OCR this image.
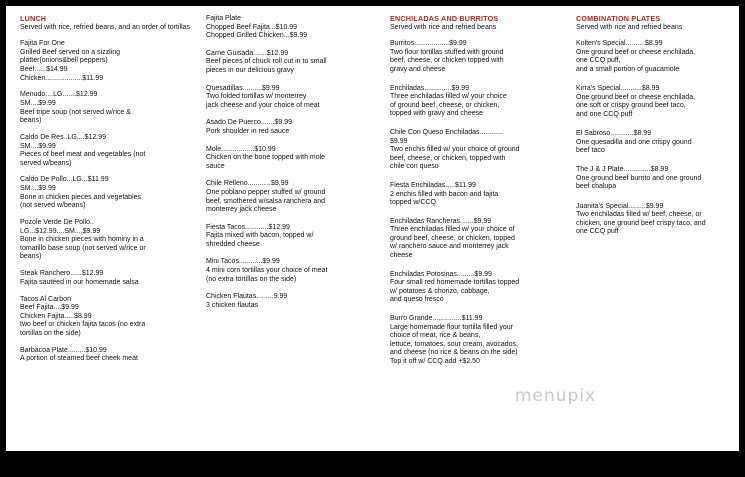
LUNCH
Served with rice, refried beans, and an order of tortillas
Fajita For One
Grilled Beef served on a sizzling
platter(onions&bell peppers)
Beef......$14.99
Chicken...................$11.99
Menudo....LG.......$12.99
SM....$9.99
Beef tripe soup (not served w/rice &
beans)
Caldo De Res..LG....$12.99
SM....$9.99
Pieces of beef meat and vegetables (not
served w/beans)
Caldo De Pollo...LG...$11.99
SM....$9.99
Bone in chicken pieces and vegetables
(not served w/beans)
Pozole Verde De Pollo..
LG...$12.99....SM....$9.99
Bone in chicken pieces with hominy in a
tomatillo base soup (not served w/rice or
beans)
Steak Ranchero......$12.99
Fajita sautéed in our homemade salsa
Tacos Al Carbon
Beef Fajita....$9.99
Chicken Fajita.....$8.99
two beef or chicken fajita tacos (no extra
tortillas on the side)
Barbacoa Plate.........$10.99
A portion of steamed beef cheek meat
Fajita Plate
Chopped Beef Fajita...$10.99
Chopped Grilled Chicken...$9.99
Carne Guisada.......$12.99
Beef pieces of chuck roll cut in to small
pieces in our delicious gravy
Quesadillas..........$9.99
Two folded tortillas w/ monterrey
jack cheese and your choice of meat
Asado De Puerco.......$9.99
Pork shoulder in red sauce
Mole.................$10.99
Chicken on the bone topped with mole
sauce
Chile Relleno............$9.99
One poblano pepper stuffed w/ ground
beef, smothered w/salsa ranchera and
monterrey jack cheese
Fiesta Tacos............$12.99
Fajita mixed with bacon, topped w/
shredded cheese
Mini Tacos............$9.99
4 mini corn tortillas your choice of meat
(no extra tortillas on the side)
Chicken Flautas.........9.99
3 chicken flautas
ENCHILADAS AND BURRITOS
Served with rice and refried beans
Burritos..................$9.99
Two flour tortillas stuffed with ground
beef, cheese, or chicken topped with
gravy and cheese
Enchiladas..............$9.99
Three enchiladas filled w/ your choice
of ground beef, cheese, or chicken,
topped with gravy and cheese
Chile Con Queso Enchiladas............
$9.99
Two enchis filled w/ your choice of ground
beef, cheese, or chicken, topped with
chile con queso
Fiesta Enchiladas.....$11.99
2 enchis filled with bacon and fajita
topped w/CCQ
Enchiladas Rancheras.......$9.99
Three enchiladas filled w/ your choice of
ground beef, cheese, or chicken, topped
w/ ranchero sauce and monterrey jack
cheese
Enchiladas Potosinas.........$9.99
Four small red homemade tortillas topped
w/ potatoes & chorizo, cabbage,
and queso fresco
Burro Grande...............$11.99
Large homemade flour tortilla filled your
choice of meat, rice & beans,
lettuce, tomatoes, sour cream, avocados,
and cheese (no rice & beans on the side)
Top it off w/ CCQ add +$2.50
COMBINATION PLATES
Served with rice and refried beans
Kolten's Special..........$8.99
One ground beef or cheese enchilada,
one CCQ puff,
and a small portion of guacamole
Kirra's Special...........$8.99
One ground beef or cheese enchilada,
one soft or crispy ground beef taco,
and one CCQ puff
El Sabroso............$8.99
One quesadilla and one crispy gound
beef taco
The J & J Plate..............$8.99
One ground beef burrito and one ground
beef chalupa
Juanita's Special.........$9.99
Two enchiladas filled w/ beef, cheese, or
chicken, one ground beef crispy taco, and
one CCQ puff
menupix
